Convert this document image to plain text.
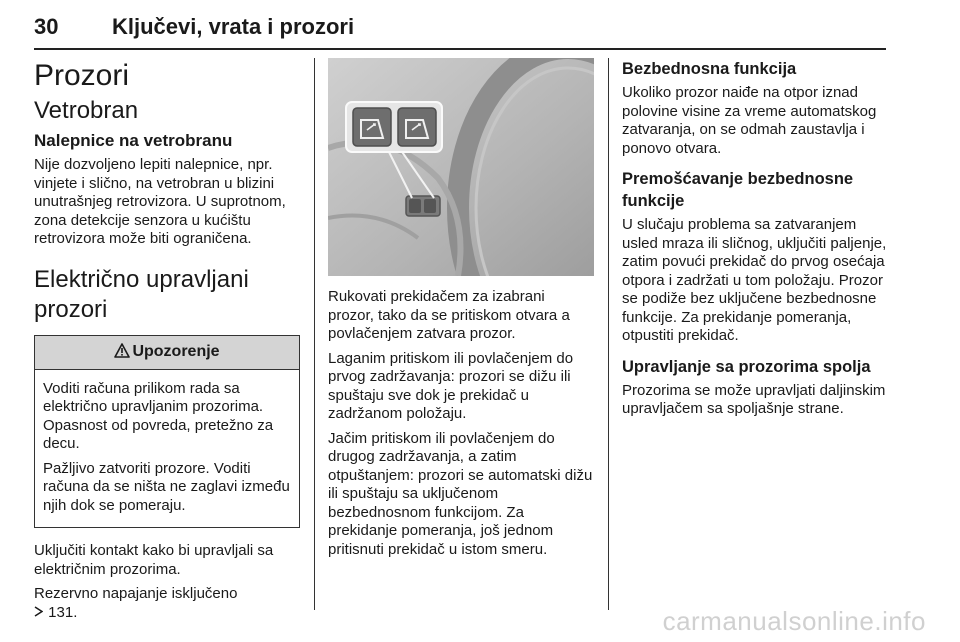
30 Ključevi, vrata i prozori
Prozori
Vetrobran
Nalepnice na vetrobranu

Nije dozvoljeno lepiti nalepnice, npr. vinjete i slično, na vetrobran u blizini unutrašnjeg retrovizora. U suprotnom, zona detekcije senzora u kućištu retrovizora može biti ograničena.

Električno upravljani prozori
Upozorenje

Voditi računa prilikom rada sa električno upravljanim prozorima. Opasnost od povreda, pretežno za decu.

Pažljivo zatvoriti prozore. Voditi računa da se ništa ne zaglavi između njih dok se pomeraju.

Uključiti kontakt kako bi upravljali sa električnim prozorima.

Rezervno napajanje isključeno
131.

Rukovati prekidačem za izabrani prozor, tako da se pritiskom otvara a povlačenjem zatvara prozor.

Laganim pritiskom ili povlačenjem do prvog zadržavanja: prozori se dižu ili spuštaju sve dok je prekidač u zadržanom položaju.

Jačim pritiskom ili povlačenjem do drugog zadržavanja, a zatim otpuštanjem: prozori se automatski dižu ili spuštaju sa uključenom bezbednosnom funkcijom. Za prekidanje pomeranja, još jednom pritisnuti prekidač u istom smeru.

Bezbednosna funkcija

Ukoliko prozor naiđe na otpor iznad polovine visine za vreme automatskog zatvaranja, on se odmah zaustavlja i ponovo otvara.

Premošćavanje bezbednosne funkcije

U slučaju problema sa zatvaranjem usled mraza ili sličnog, uključiti paljenje, zatim povući prekidač do prvog osećaja otpora i zadržati u tom položaju. Prozor se podiže bez uključene bezbednosne funkcije. Za prekidanje pomeranja, otpustiti prekidač.

Upravljanje sa prozorima spolja

Prozorima se može upravljati daljinskim upravljačem sa spoljašnje strane.

carmanualsonline.info
